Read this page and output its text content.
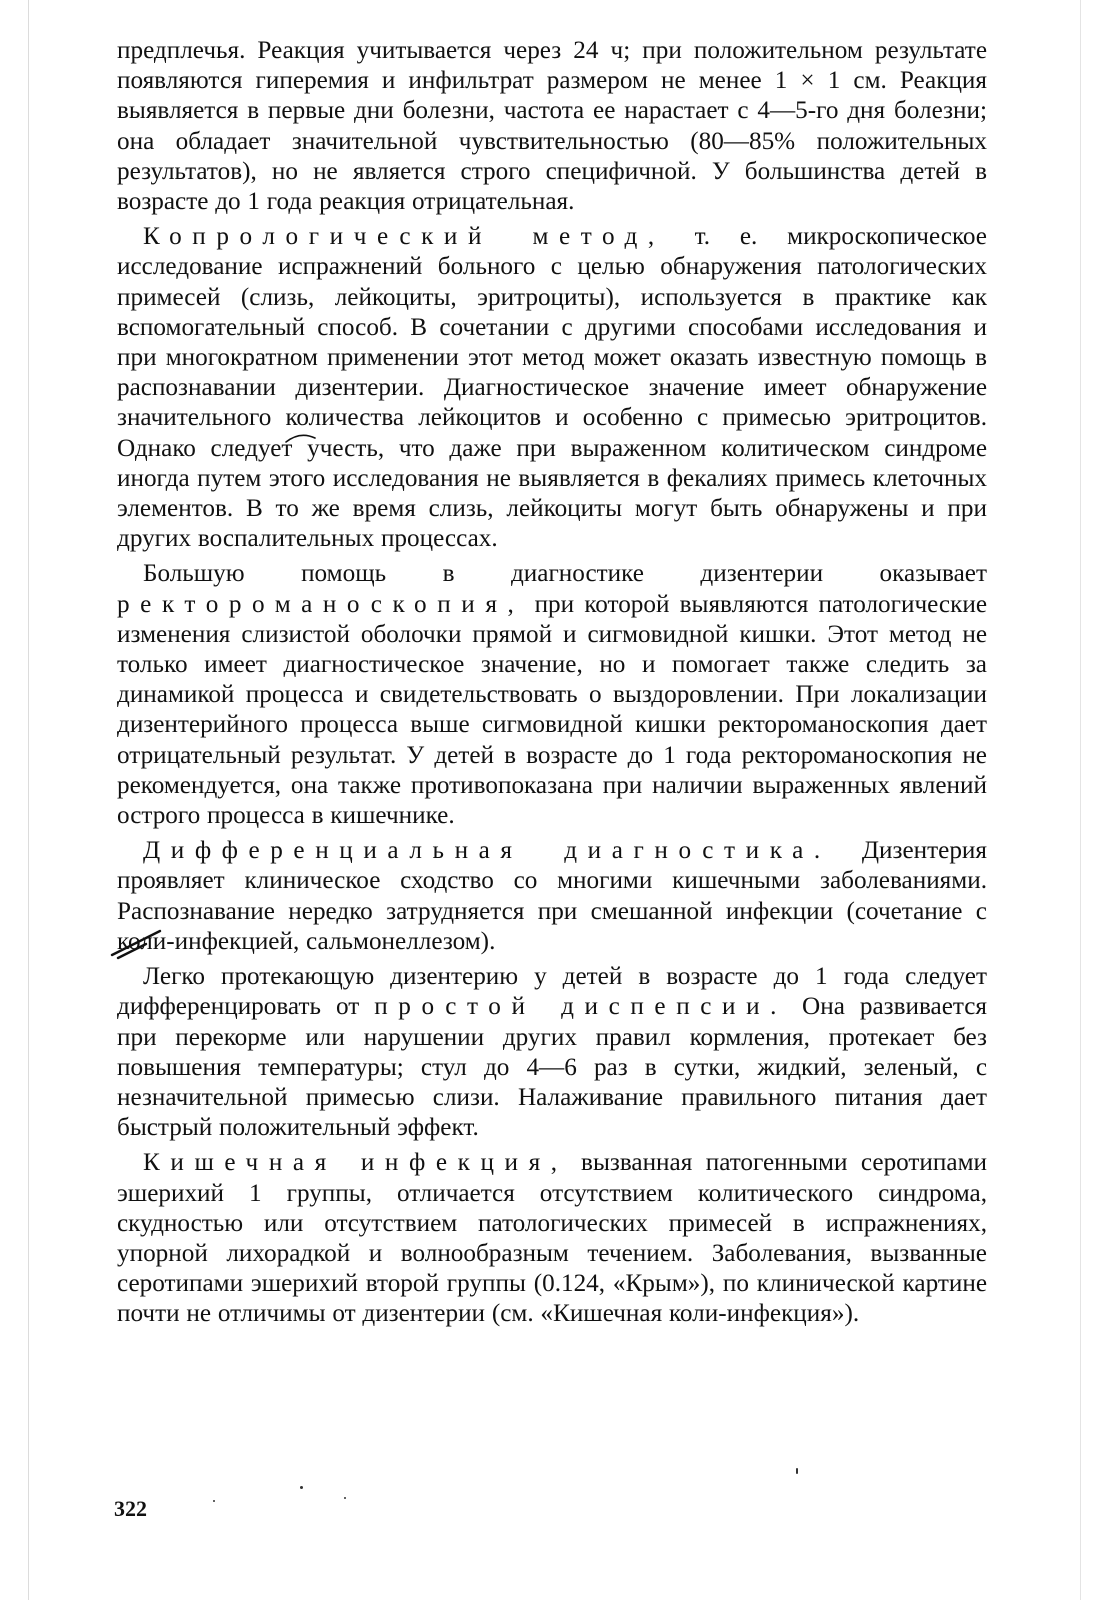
предплечья. Реакция учитывается через 24 ч; при положительном результате появляются гиперемия и инфильтрат размером не менее 1 × 1 см. Реакция выявляется в первые дни болезни, частота ее нарастает с 4—5-го дня болезни; она обладает значительной чувствительностью (80—85% положительных результатов), но не является строго специфичной. У большинства детей в возрасте до 1 года реакция отрицательная.

Копрологический метод, т. е. микроскопическое исследование испражнений больного с целью обнаружения патологических примесей (слизь, лейкоциты, эритроциты), используется в практике как вспомогательный способ. В сочетании с другими способами исследования и при многократном применении этот метод может оказать известную помощь в распознавании дизентерии. Диагностическое значение имеет обнаружение значительного количества лейкоцитов и особенно с примесью эритроцитов. Однако следует учесть, что даже при выраженном колитическом синдроме иногда путем этого исследования не выявляется в фекалиях примесь клеточных элементов. В то же время слизь, лейкоциты могут быть обнаружены и при других воспалительных процессах.

Большую помощь в диагностике дизентерии оказывает ректороманоскопия, при которой выявляются патологические изменения слизистой оболочки прямой и сигмовидной кишки. Этот метод не только имеет диагностическое значение, но и помогает также следить за динамикой процесса и свидетельствовать о выздоровлении. При локализации дизентерийного процесса выше сигмовидной кишки ректороманоскопия дает отрицательный результат. У детей в возрасте до 1 года ректороманоскопия не рекомендуется, она также противопоказана при наличии выраженных явлений острого процесса в кишечнике.

Дифференциальная диагностика. Дизентерия проявляет клиническое сходство со многими кишечными заболеваниями. Распознавание нередко затрудняется при смешанной инфекции (сочетание с коли-инфекцией, сальмонеллезом).

Легко протекающую дизентерию у детей в возрасте до 1 года следует дифференцировать от простой диспепсии. Она развивается при перекорме или нарушении других правил кормления, протекает без повышения температуры; стул до 4—6 раз в сутки, жидкий, зеленый, с незначительной примесью слизи. Налаживание правильного питания дает быстрый положительный эффект.

Кишечная инфекция, вызванная патогенными серотипами эшерихий 1 группы, отличается отсутствием колитического синдрома, скудностью или отсутствием патологических примесей в испражнениях, упорной лихорадкой и волнообразным течением. Заболевания, вызванные серотипами эшерихий второй группы (0.124, «Крым»), по клинической картине почти не отличимы от дизентерии (см. «Кишечная коли-инфекция»).

322
